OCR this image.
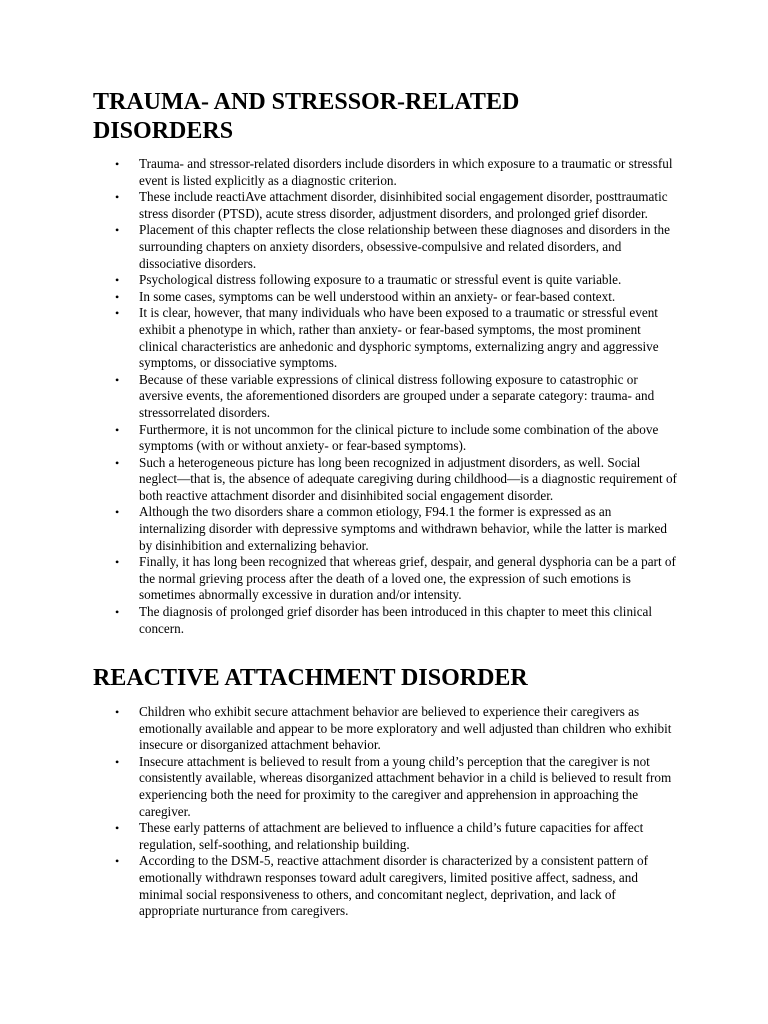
TRAUMA- AND STRESSOR-RELATED
DISORDERS
• Trauma- and stressor-related disorders include disorders in which exposure to a traumatic or stressful event is listed explicitly as a diagnostic criterion.
• These include reactiAve attachment disorder, disinhibited social engagement disorder, posttraumatic stress disorder (PTSD), acute stress disorder, adjustment disorders, and prolonged grief disorder.
• Placement of this chapter reflects the close relationship between these diagnoses and disorders in the surrounding chapters on anxiety disorders, obsessive-compulsive and related disorders, and dissociative disorders.
• Psychological distress following exposure to a traumatic or stressful event is quite variable.
• In some cases, symptoms can be well understood within an anxiety- or fear-based context.
• It is clear, however, that many individuals who have been exposed to a traumatic or stressful event exhibit a phenotype in which, rather than anxiety- or fear-based symptoms, the most prominent clinical characteristics are anhedonic and dysphoric symptoms, externalizing angry and aggressive symptoms, or dissociative symptoms.
• Because of these variable expressions of clinical distress following exposure to catastrophic or aversive events, the aforementioned disorders are grouped under a separate category: trauma- and stressorrelated disorders.
• Furthermore, it is not uncommon for the clinical picture to include some combination of the above symptoms (with or without anxiety- or fear-based symptoms).
• Such a heterogeneous picture has long been recognized in adjustment disorders, as well. Social neglect—that is, the absence of adequate caregiving during childhood—is a diagnostic requirement of both reactive attachment disorder and disinhibited social engagement disorder.
• Although the two disorders share a common etiology, F94.1 the former is expressed as an internalizing disorder with depressive symptoms and withdrawn behavior, while the latter is marked by disinhibition and externalizing behavior.
• Finally, it has long been recognized that whereas grief, despair, and general dysphoria can be a part of the normal grieving process after the death of a loved one, the expression of such emotions is sometimes abnormally excessive in duration and/or intensity.
• The diagnosis of prolonged grief disorder has been introduced in this chapter to meet this clinical concern.
REACTIVE ATTACHMENT DISORDER
• Children who exhibit secure attachment behavior are believed to experience their caregivers as emotionally available and appear to be more exploratory and well adjusted than children who exhibit insecure or disorganized attachment behavior.
• Insecure attachment is believed to result from a young child’s perception that the caregiver is not consistently available, whereas disorganized attachment behavior in a child is believed to result from experiencing both the need for proximity to the caregiver and apprehension in approaching the caregiver.
• These early patterns of attachment are believed to influence a child’s future capacities for affect regulation, self-soothing, and relationship building.
• According to the DSM-5, reactive attachment disorder is characterized by a consistent pattern of emotionally withdrawn responses toward adult caregivers, limited positive affect, sadness, and minimal social responsiveness to others, and concomitant neglect, deprivation, and lack of appropriate nurturance from caregivers.
